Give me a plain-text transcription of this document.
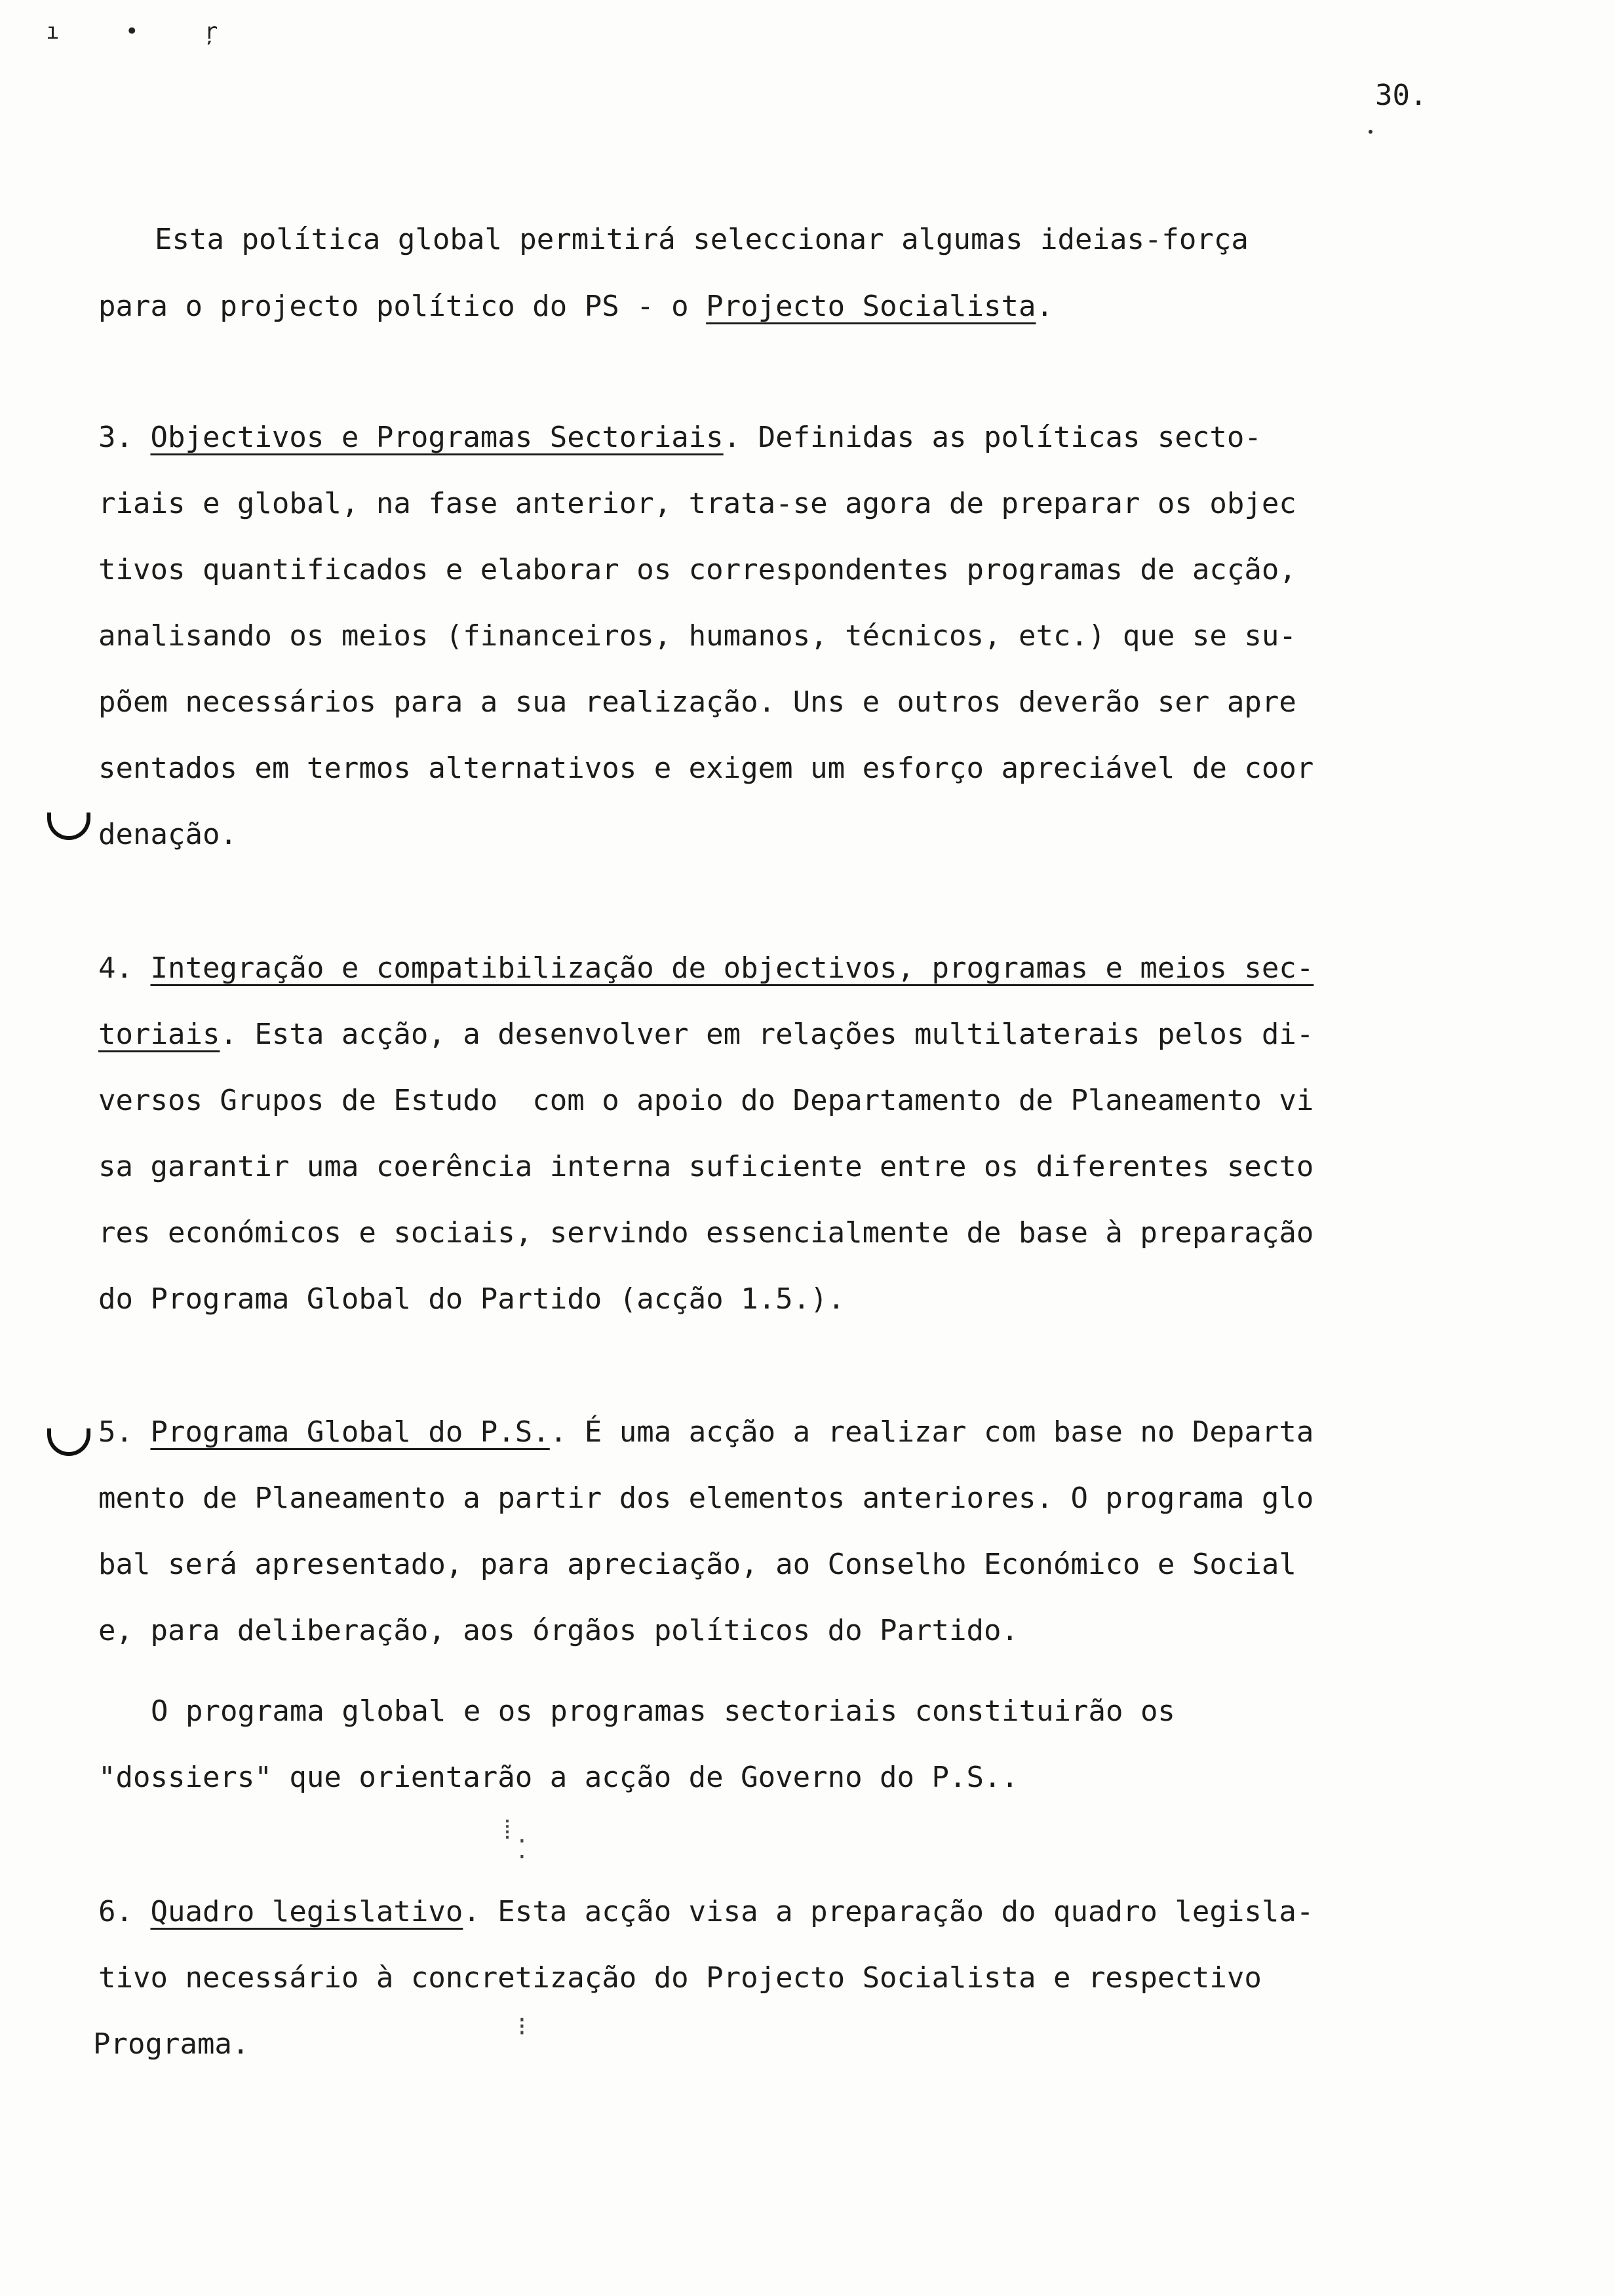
ı • ŗ
30.
Esta política global permitirá seleccionar algumas ideias-força
para o projecto político do PS - o Projecto Socialista.
3. Objectivos e Programas Sectoriais. Definidas as políticas secto-
riais e global, na fase anterior, trata-se agora de preparar os objec
tivos quantificados e elaborar os correspondentes programas de acção,
analisando os meios (financeiros, humanos, técnicos, etc.) que se su-
põem necessários para a sua realização. Uns e outros deverão ser apre
sentados em termos alternativos e exigem um esforço apreciável de coor
denação.
4. Integração e compatibilização de objectivos, programas e meios sec-
toriais. Esta acção, a desenvolver em relações multilaterais pelos di-
versos Grupos de Estudo  com o apoio do Departamento de Planeamento vi
sa garantir uma coerência interna suficiente entre os diferentes secto
res económicos e sociais, servindo essencialmente de base à preparação
do Programa Global do Partido (acção 1.5.).
5. Programa Global do P.S.. É uma acção a realizar com base no Departa
mento de Planeamento a partir dos elementos anteriores. O programa glo
bal será apresentado, para apreciação, ao Conselho Económico e Social
e, para deliberação, aos órgãos políticos do Partido.
O programa global e os programas sectoriais constituirão os
"dossiers" que orientarão a acção de Governo do P.S..
⁞
⁚
6. Quadro legislativo. Esta acção visa a preparação do quadro legisla-
tivo necessário à concretização do Projecto Socialista e respectivo
Programa.
⁝
